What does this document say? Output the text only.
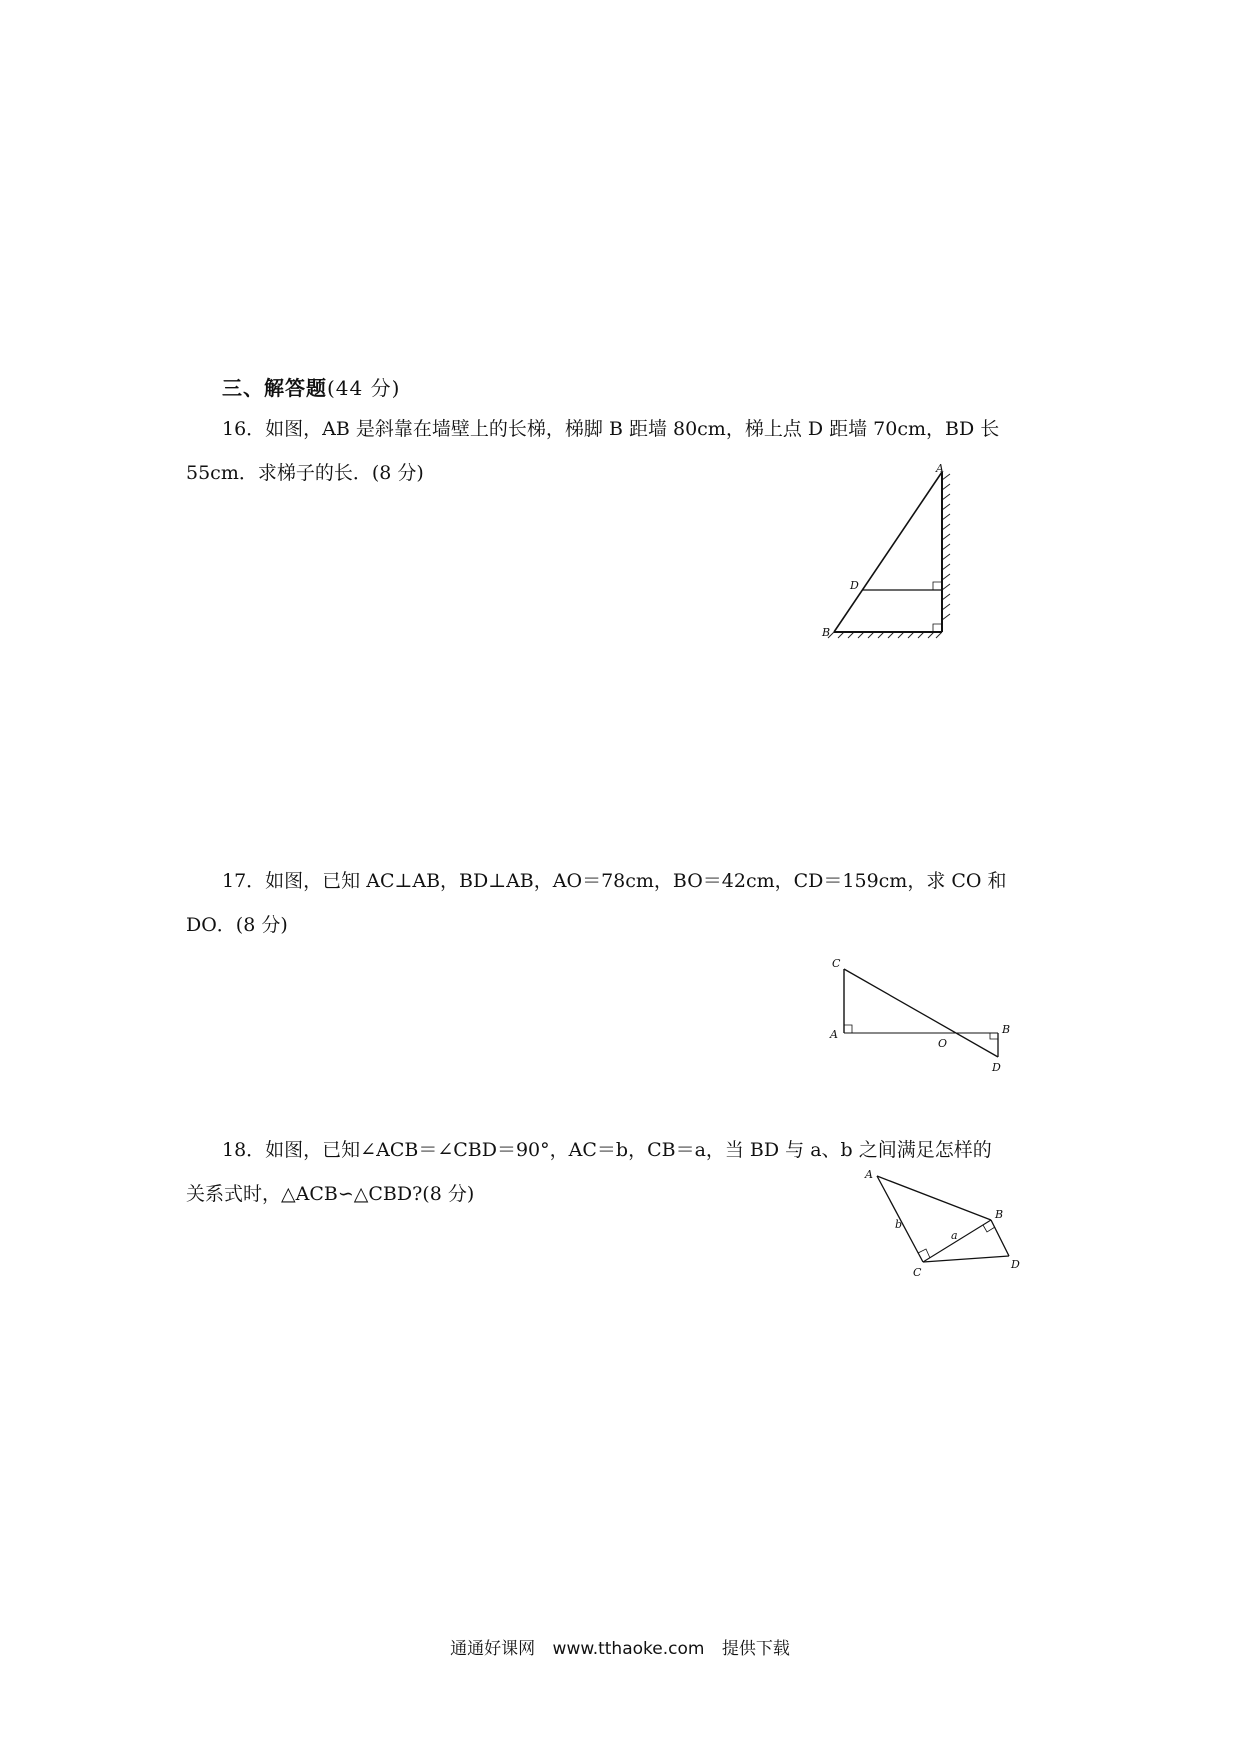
三、解答题(44 分)
16．如图，AB 是斜靠在墙壁上的长梯，梯脚 B 距墙 80cm，梯上点 D 距墙 70cm，BD 长
55cm．求梯子的长．(8 分)	A
D
B
17．如图，已知 AC⊥AB，BD⊥AB，AO＝78cm，BO＝42cm，CD＝159cm，求 CO 和
DO．(8 分)
C
A
O
B
D
18．如图，已知∠ACB＝∠CBD＝90°，AC＝b，CB＝a，当 BD 与 a、b 之间满足怎样的
关系式时，△ACB∽△CBD?(8 分)
A
B
C
D
a
b
通通好课网 www.tthaoke.com 提供下载
